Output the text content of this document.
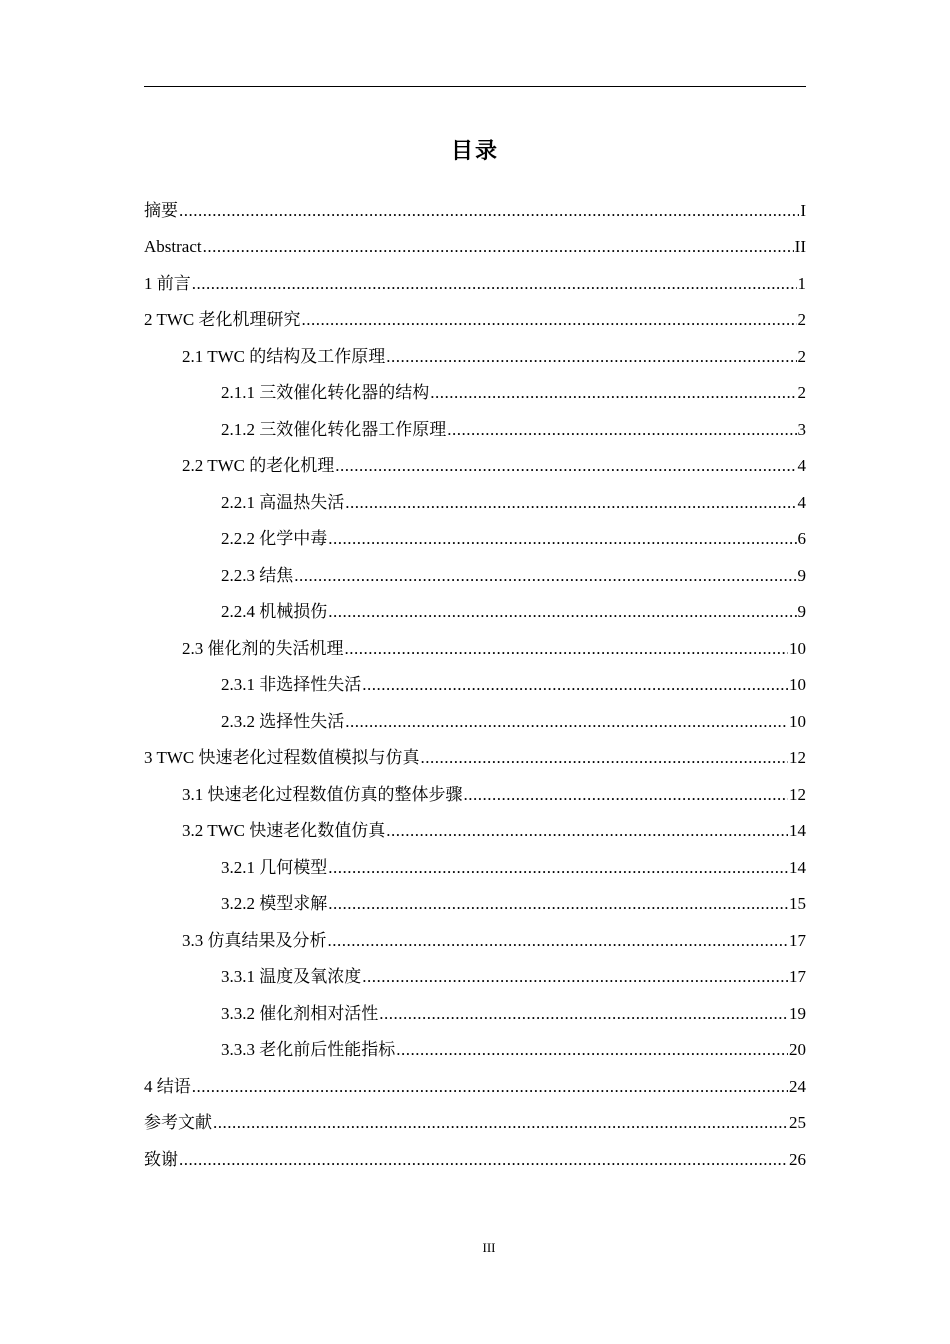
目录
摘要 .....	I
Abstract .....	II
1 前言 .....	1
2 TWC 老化机理研究 .....	2
2.1 TWC 的结构及工作原理 .....	2
2.1.1 三效催化转化器的结构 .....	2
2.1.2 三效催化转化器工作原理 .....	3
2.2 TWC 的老化机理 .....	4
2.2.1 高温热失活 .....	4
2.2.2 化学中毒 .....	6
2.2.3 结焦 .....	9
2.2.4 机械损伤 .....	9
2.3 催化剂的失活机理 .....	10
2.3.1 非选择性失活 .....	10
2.3.2 选择性失活 .....	10
3 TWC 快速老化过程数值模拟与仿真 .....	12
3.1 快速老化过程数值仿真的整体步骤 .....	12
3.2 TWC 快速老化数值仿真 .....	14
3.2.1 几何模型 .....	14
3.2.2 模型求解 .....	15
3.3 仿真结果及分析 .....	17
3.3.1 温度及氧浓度 .....	17
3.3.2 催化剂相对活性 .....	19
3.3.3 老化前后性能指标 .....	20
4 结语 .....	24
参考文献 .....	25
致谢 .....	26
III
